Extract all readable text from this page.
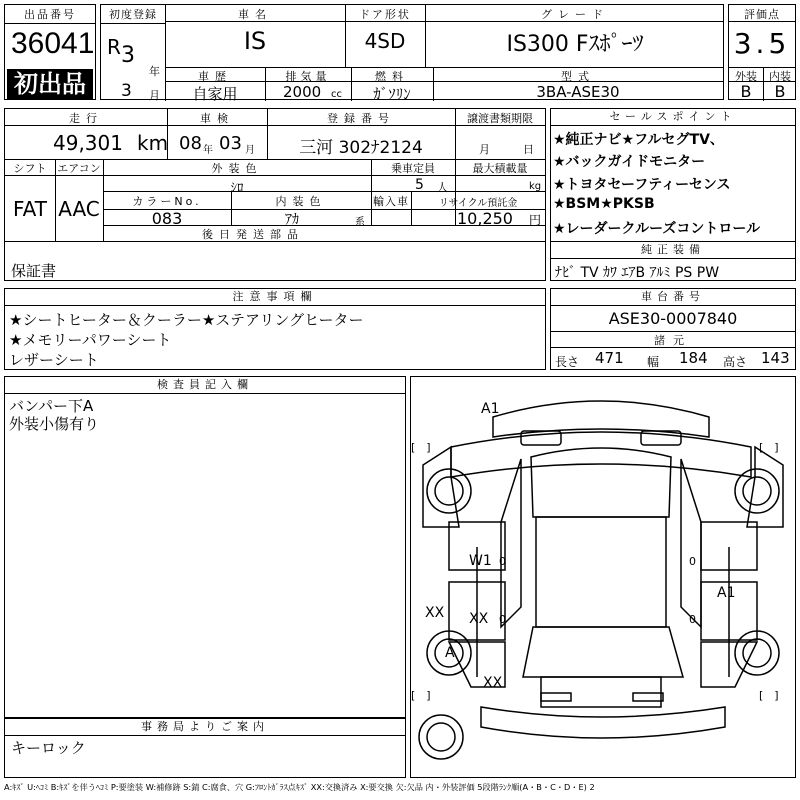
出品番号
36041
初出品
初度登録
R 3
年
3 月
車名
IS
ドア形状
4SD
グレード
IS300 Fｽﾎﾟｰﾂ
車歴
自家用
排気量
2000 cc
燃料
ｶﾞｿﾘﾝ
型式
3BA-ASE30
評価点
3.5
外装	内装
B	B
走行
49,301 km
車検
08 年 03 月
登録番号
三河 302ﾅ2124
譲渡書類期限
月	日
シフト エアコン
FAT AAC
外装色
ｼﾛ
乗車定員
5 人
最大積載量
kg
カラーNo.
083
内装色
ｱｶ	系
輸入車	リサイクル預託金
10,250 円
後日発送部品
保証書
セールスポイント
★純正ナビ★フルセグTV、
★バックガイドモニター
★トヨタセーフティーセンス
★BSM★PKSB
★レーダークルーズコントロール
純正装備
ﾅﾋﾞ TV ｶﾜ ｴｱB ｱﾙﾐ PS PW
注意事項欄
★シートヒーター＆クーラー★ステアリングヒーター
★メモリーパワーシート
レザーシート
車台番号
ASE30-0007840
諸元
長さ 471 幅 184 高さ 143
検査員記入欄
バンパー下A
外装小傷有り
事務局よりご案内
キーロック
A1
W1
XX
XX
A
XX
A1
0
0
0
0
[　]	[　]
[　]	[　]
A:ｷｽﾞ U:ﾍｺﾐ B:ｷｽﾞを伴うﾍｺﾐ P:要塗装 W:補修跡 S:錆 C:腐食、穴 G:ﾌﾛﾝﾄｶﾞﾗｽ点ｷｽﾞ XX:交換済み X:要交換 欠:欠品 内・外装評価 5段階ﾗﾝｸ順(A・B・C・D・E) 2
